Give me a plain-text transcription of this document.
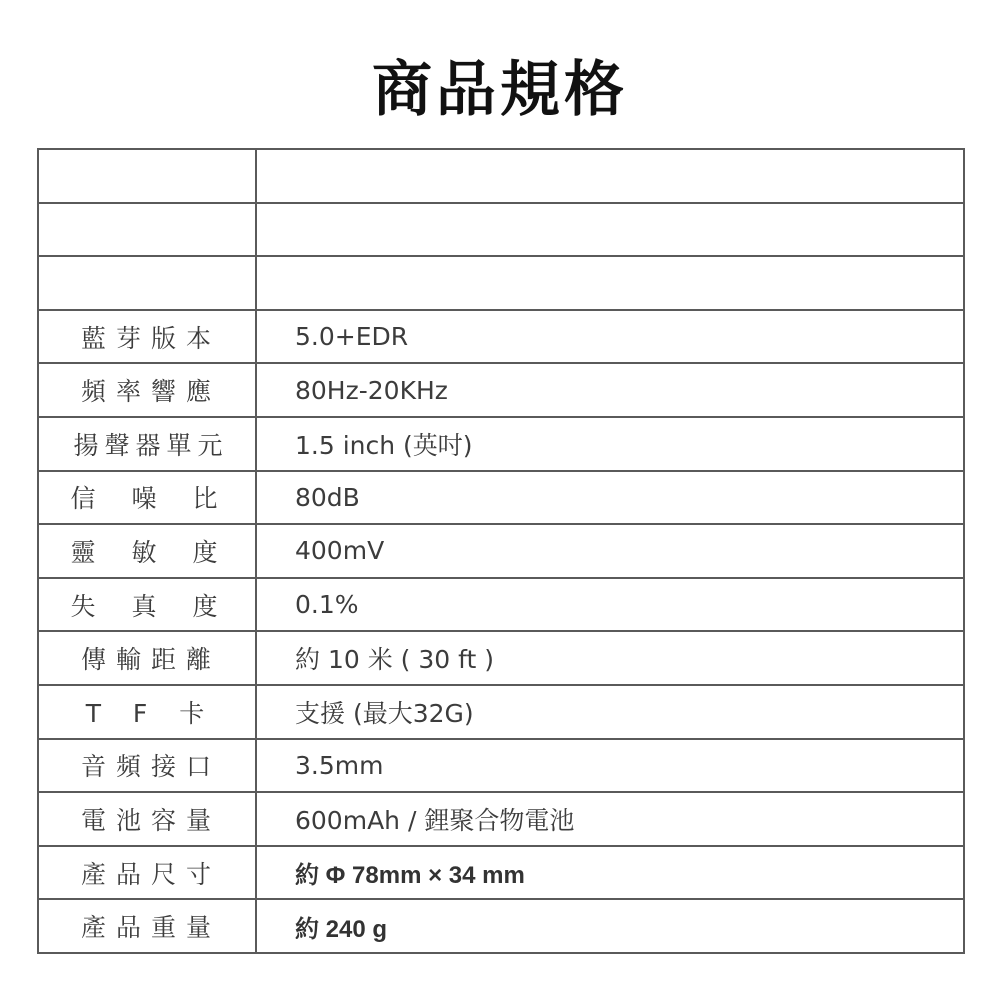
商品規格

藍芽版本	5.0+EDR
頻率響應	80Hz-20KHz
揚聲器單元	1.5 inch (英吋)
信 噪 比	80dB
靈 敏 度	400mV
失 真 度	0.1%
傳輸距離	約 10 米 ( 30 ft )
T F 卡	支援 (最大32G)
音頻接口	3.5mm
電池容量	600mAh / 鋰聚合物電池
產品尺寸	約 Φ 78mm × 34 mm
產品重量	約 240 g
